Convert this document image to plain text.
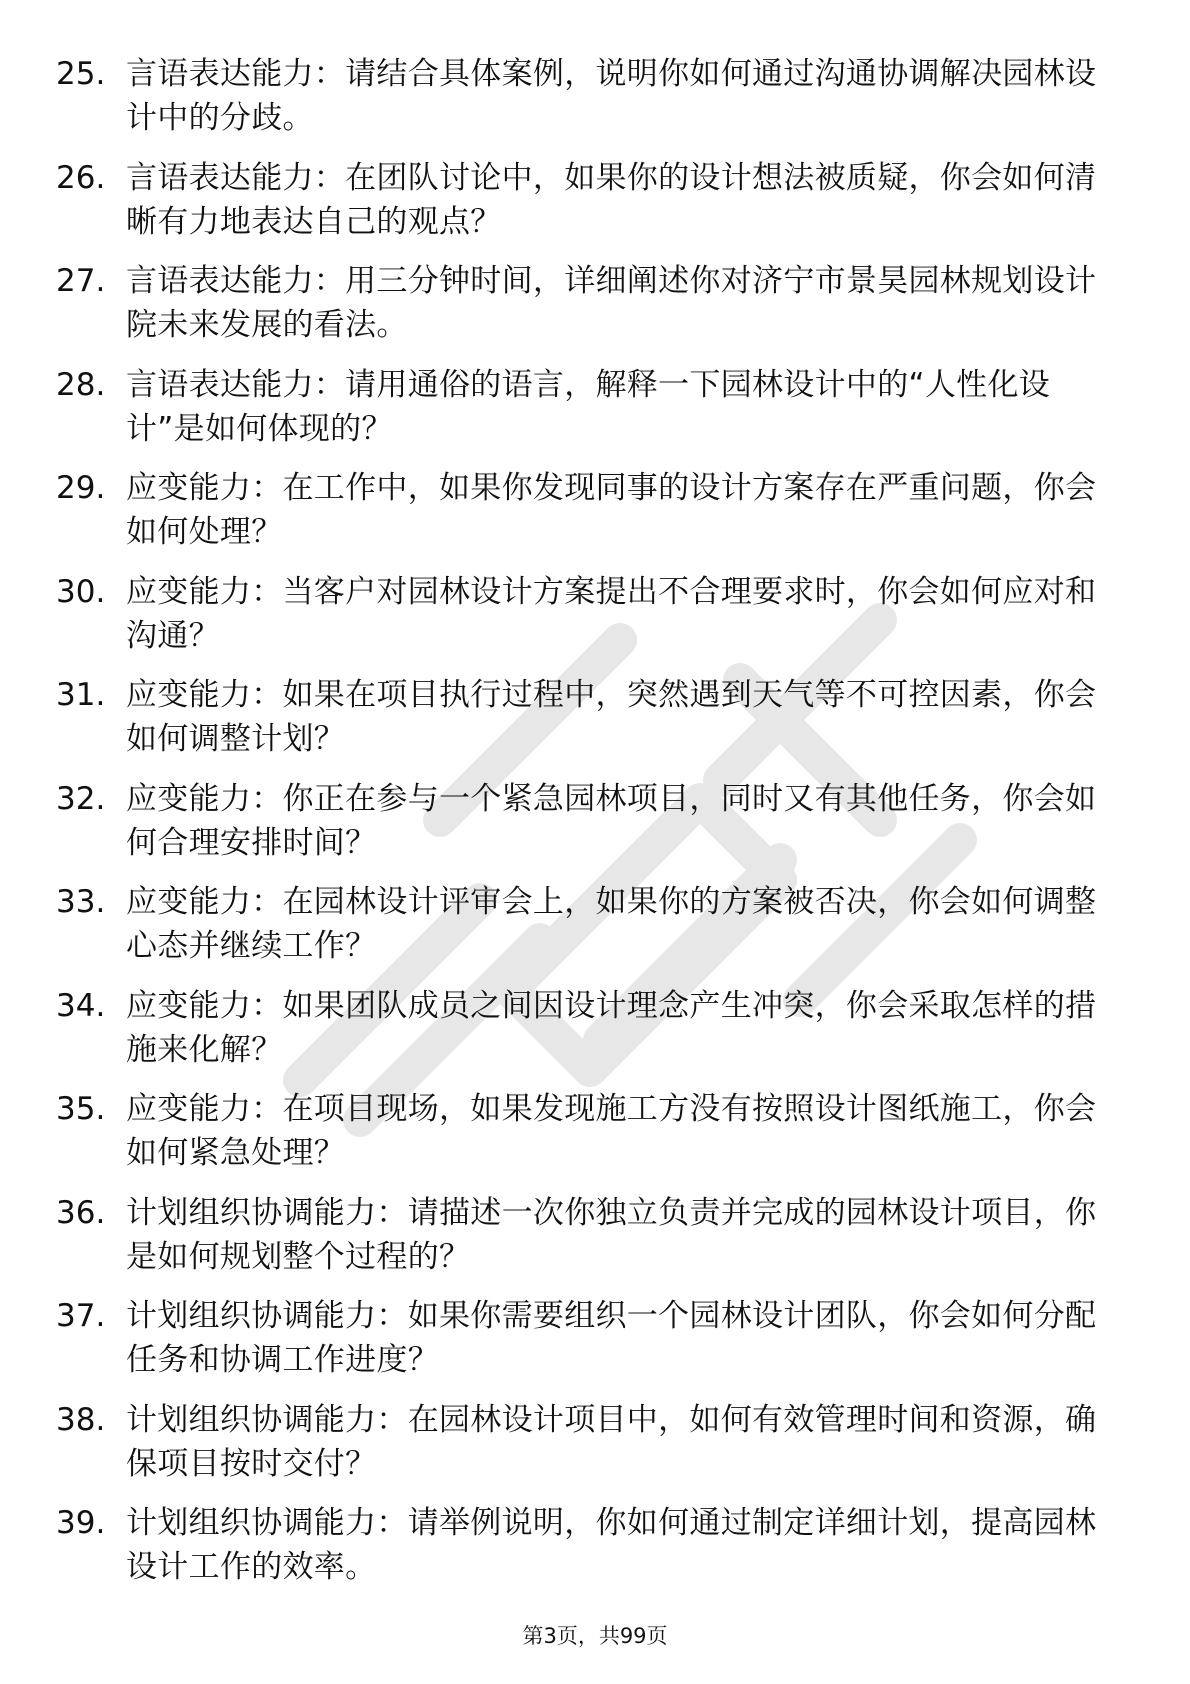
25. 言语表达能力：请结合具体案例，说明你如何通过沟通协调解决园林设计中的分歧。
26. 言语表达能力：在团队讨论中，如果你的设计想法被质疑，你会如何清晰有力地表达自己的观点？
27. 言语表达能力：用三分钟时间，详细阐述你对济宁市景昊园林规划设计院未来发展的看法。
28. 言语表达能力：请用通俗的语言，解释一下园林设计中的“人性化设计”是如何体现的？
29. 应变能力：在工作中，如果你发现同事的设计方案存在严重问题，你会如何处理？
30. 应变能力：当客户对园林设计方案提出不合理要求时，你会如何应对和沟通？
31. 应变能力：如果在项目执行过程中，突然遇到天气等不可控因素，你会如何调整计划？
32. 应变能力：你正在参与一个紧急园林项目，同时又有其他任务，你会如何合理安排时间？
33. 应变能力：在园林设计评审会上，如果你的方案被否决，你会如何调整心态并继续工作？
34. 应变能力：如果团队成员之间因设计理念产生冲突，你会采取怎样的措施来化解？
35. 应变能力：在项目现场，如果发现施工方没有按照设计图纸施工，你会如何紧急处理？
36. 计划组织协调能力：请描述一次你独立负责并完成的园林设计项目，你是如何规划整个过程的？
37. 计划组织协调能力：如果你需要组织一个园林设计团队，你会如何分配任务和协调工作进度？
38. 计划组织协调能力：在园林设计项目中，如何有效管理时间和资源，确保项目按时交付？
39. 计划组织协调能力：请举例说明，你如何通过制定详细计划，提高园林设计工作的效率。
第3页，共99页
